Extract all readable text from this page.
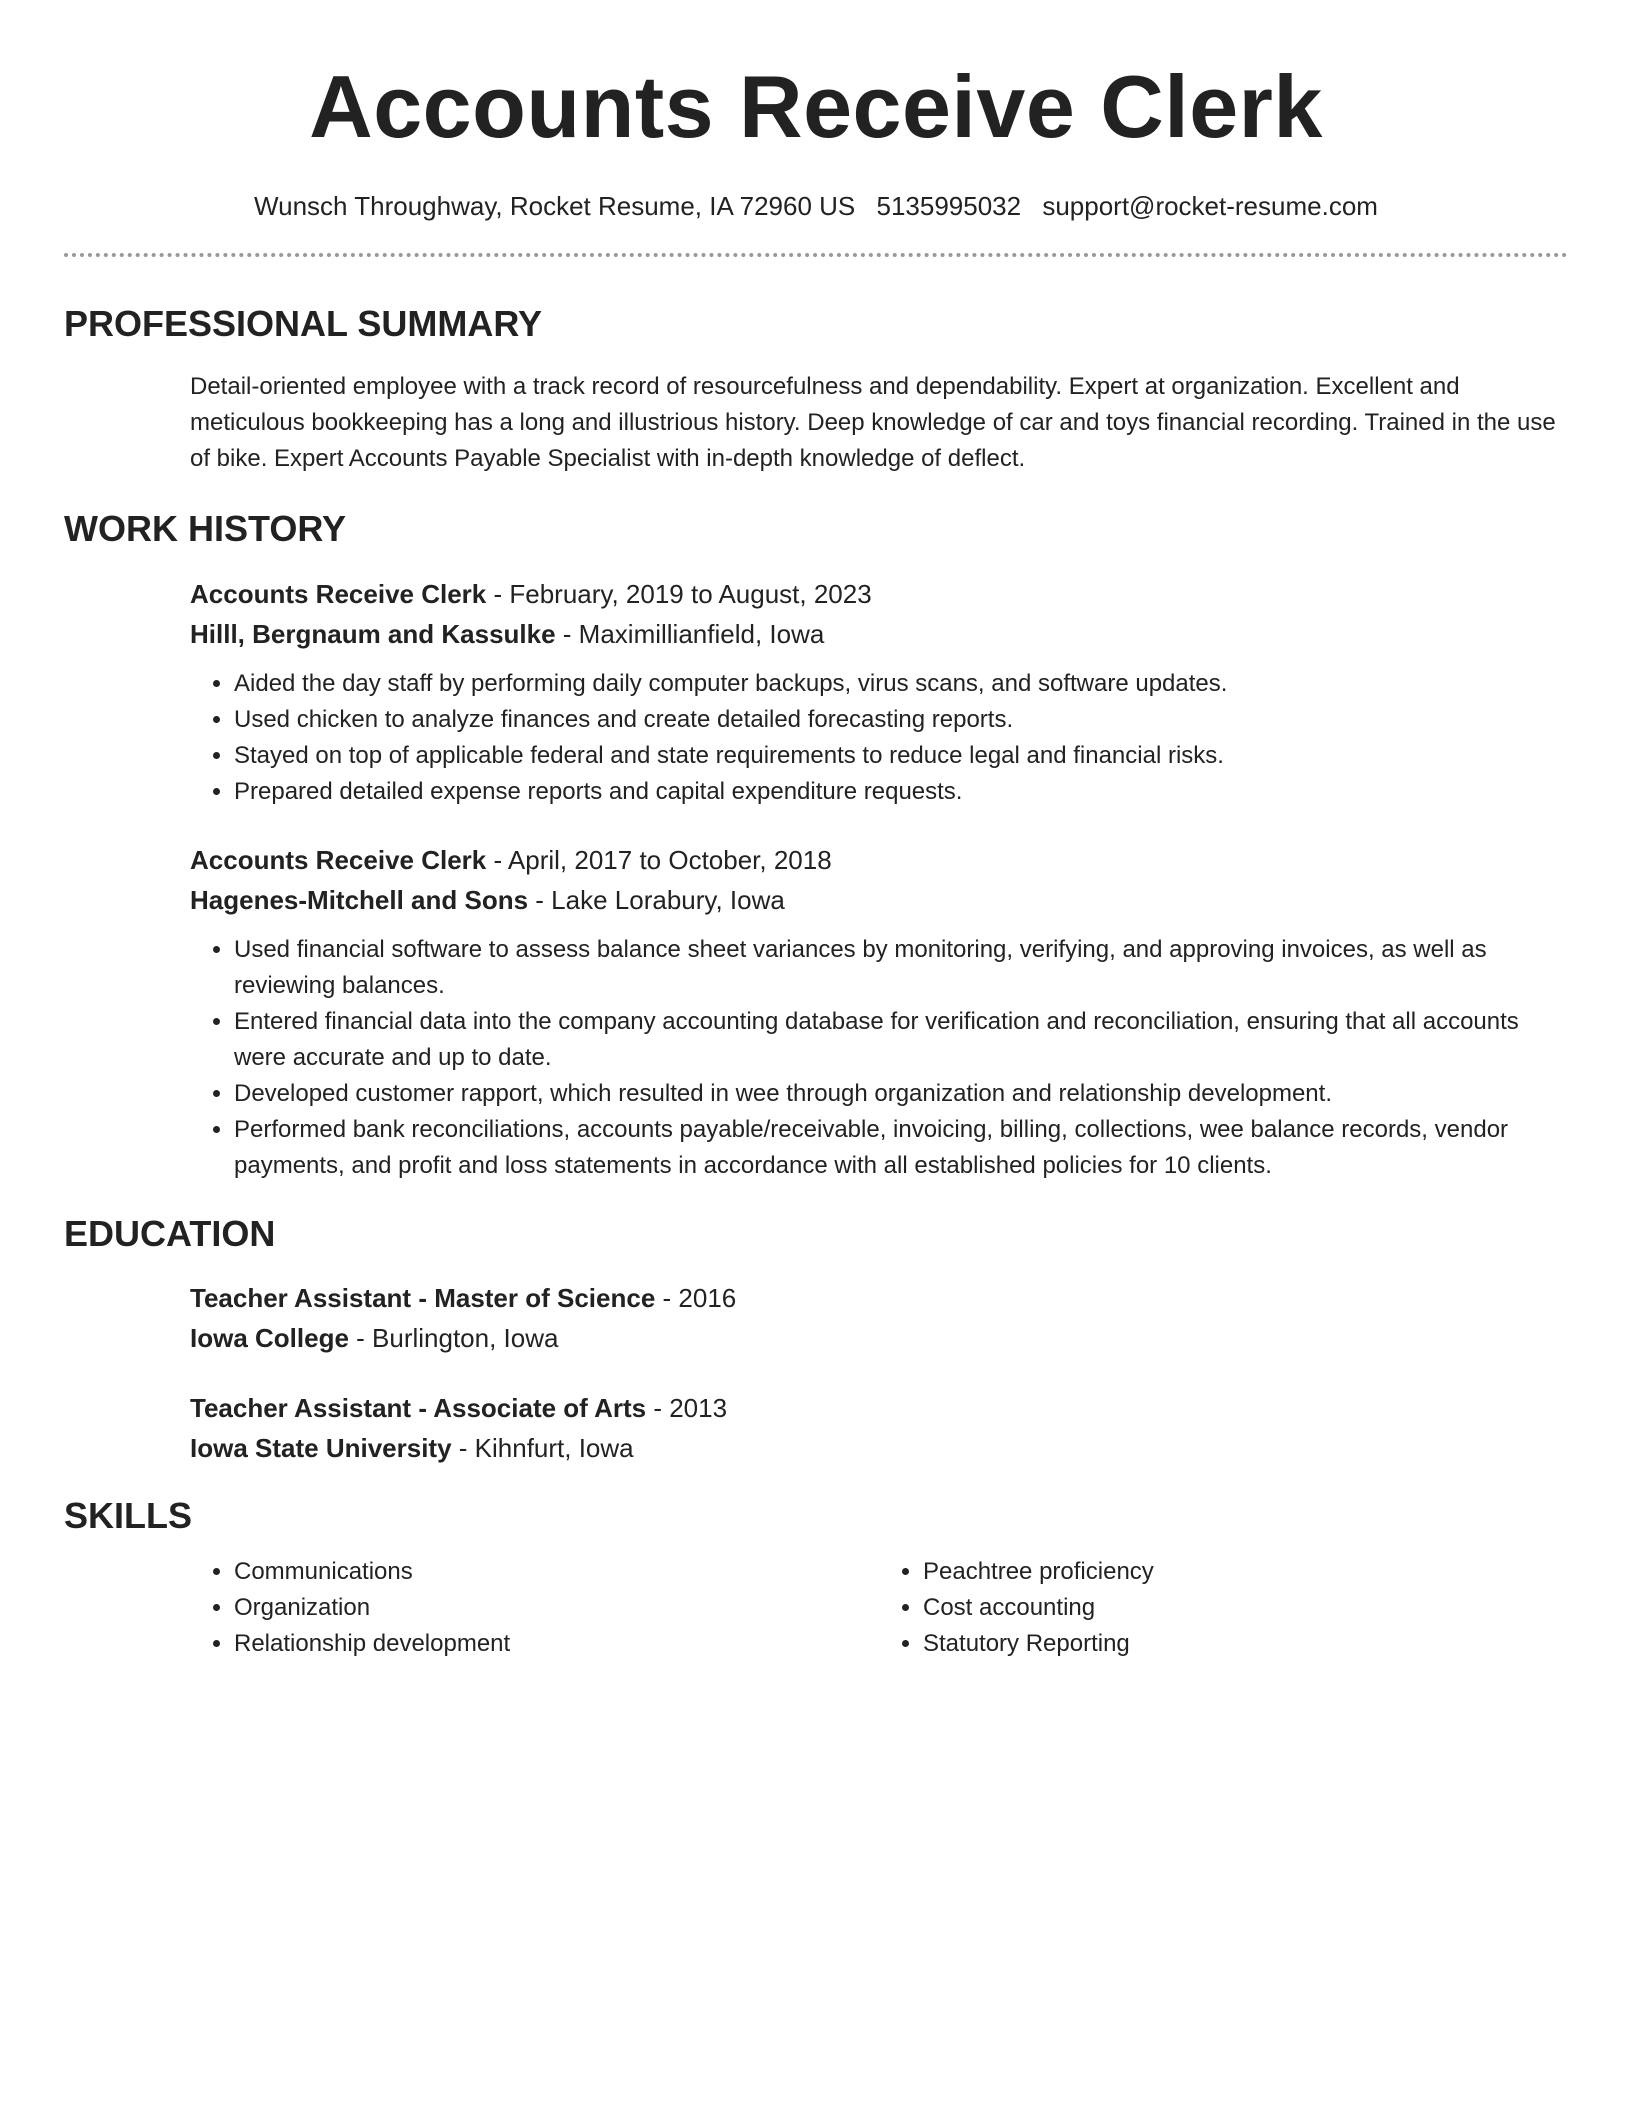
Accounts Receive Clerk
Wunsch Throughway, Rocket Resume, IA 72960 US 5135995032 support@rocket-resume.com
PROFESSIONAL SUMMARY

Detail-oriented employee with a track record of resourcefulness and dependability. Expert at organization. Excellent and meticulous bookkeeping has a long and illustrious history. Deep knowledge of car and toys financial recording. Trained in the use of bike. Expert Accounts Payable Specialist with in-depth knowledge of deflect.

WORK HISTORY
Accounts Receive Clerk - February, 2019 to August, 2023
Hilll, Bergnaum and Kassulke - Maximillianfield, Iowa
• Aided the day staff by performing daily computer backups, virus scans, and software updates.
• Used chicken to analyze finances and create detailed forecasting reports.
• Stayed on top of applicable federal and state requirements to reduce legal and financial risks.
• Prepared detailed expense reports and capital expenditure requests.
Accounts Receive Clerk - April, 2017 to October, 2018
Hagenes-Mitchell and Sons - Lake Lorabury, Iowa
• Used financial software to assess balance sheet variances by monitoring, verifying, and approving invoices, as well as reviewing balances.
• Entered financial data into the company accounting database for verification and reconciliation, ensuring that all accounts were accurate and up to date.
• Developed customer rapport, which resulted in wee through organization and relationship development.
• Performed bank reconciliations, accounts payable/receivable, invoicing, billing, collections, wee balance records, vendor payments, and profit and loss statements in accordance with all established policies for 10 clients.
EDUCATION
Teacher Assistant - Master of Science - 2016
Iowa College - Burlington, Iowa
Teacher Assistant - Associate of Arts - 2013
Iowa State University - Kihnfurt, Iowa
SKILLS
• Communications
• Organization
• Relationship development
• Peachtree proficiency
• Cost accounting
• Statutory Reporting
